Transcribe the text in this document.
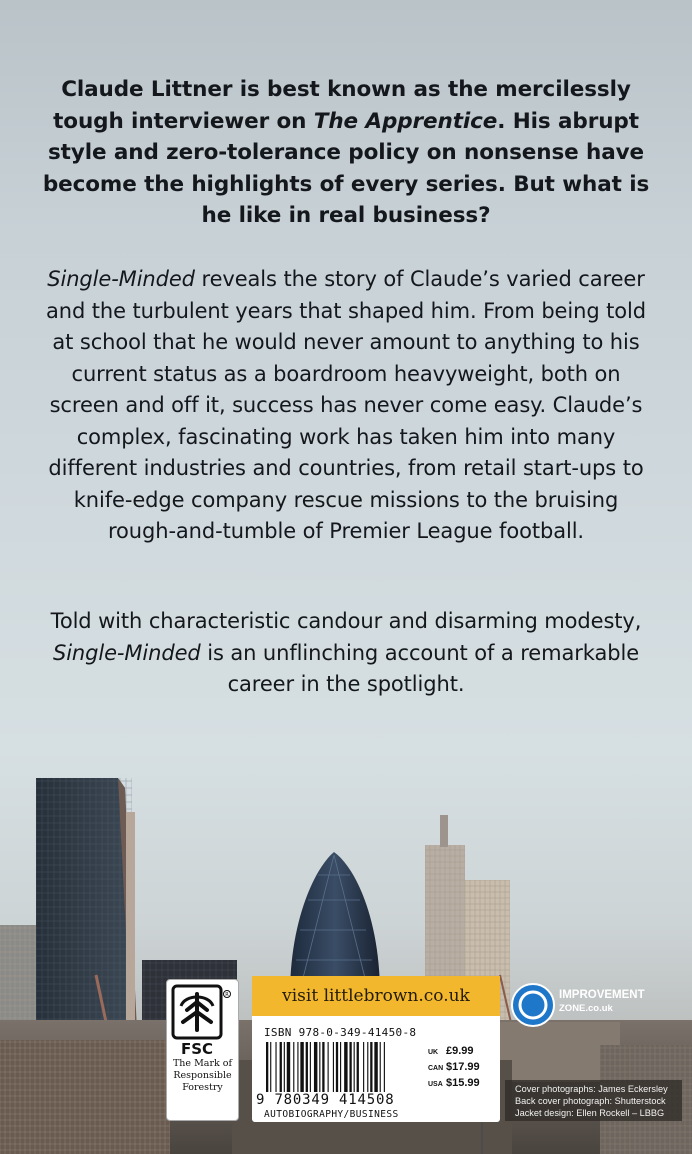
Claude Littner is best known as the mercilessly tough interviewer on The Apprentice. His abrupt style and zero-tolerance policy on nonsense have become the highlights of every series. But what is he like in real business?

Single-Minded reveals the story of Claude’s varied career and the turbulent years that shaped him. From being told at school that he would never amount to anything to his current status as a boardroom heavyweight, both on screen and off it, success has never come easy. Claude’s complex, fascinating work has taken him into many different industries and countries, from retail start-ups to knife-edge company rescue missions to the bruising rough-and-tumble of Premier League football.

Told with characteristic candour and disarming modesty, Single-Minded is an unflinching account of a remarkable career in the spotlight.

R
FSC
The Mark of Responsible Forestry
visit littlebrown.co.uk
ISBN 978-0-349-41450-8
9 780349 414508
AUTOBIOGRAPHY/BUSINESS
UK £9.99
CAN $17.99
USA $15.99
IMPROVEMENT
ZONE.co.uk
Cover photographs: James Eckersley
Back cover photograph: Shutterstock
Jacket design: Ellen Rockell – LBBG
